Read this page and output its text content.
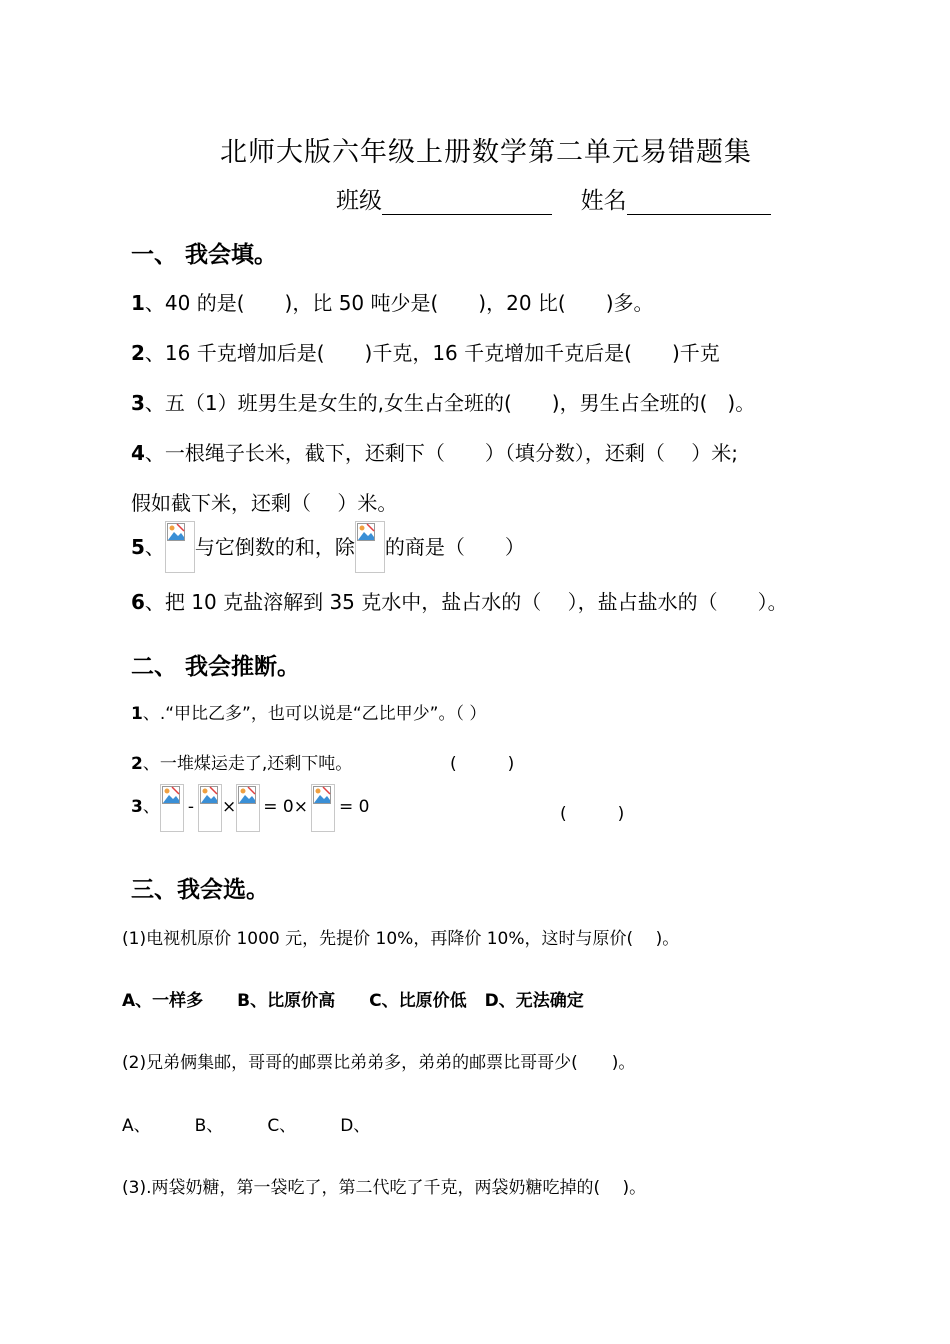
北师大版六年级上册数学第二单元易错题集
班级	姓名
一、 我会填。
1、40 的是(　　)，比 50 吨少是(　　)，20 比(　　)多。
2、16 千克增加后是(　　)千克，16 千克增加千克后是(　　)千克
3、五（1）班男生是女生的,女生占全班的(　　)，男生占全班的(　)。
4、一根绳子长米，截下，还剩下（　　）（填分数），还剩（　 ）米;
假如截下米，还剩（　 ）米。
5、 与它倒数的和，除 的商是（　　）
6、把 10 克盐溶解到 35 克水中，盐占水的（　 ），盐占盐水的（　　）。
二、 我会推断。
1、.“甲比乙多”，也可以说是“乙比甲少”。（ ）
2、一堆煤运走了,还剩下吨。	(　　　)
3、 - × = 0× = 0	(　　　)
三、我会选。
(1)电视机原价 1000 元，先提价 10%，再降价 10%，这时与原价(　 )。
A、一样多 B、比原价高 C、比原价低 D、无法确定
(2)兄弟俩集邮，哥哥的邮票比弟弟多，弟弟的邮票比哥哥少(　　)。
A、	B、	C、	D、
(3).两袋奶糖，第一袋吃了，第二代吃了千克，两袋奶糖吃掉的(　 )。
